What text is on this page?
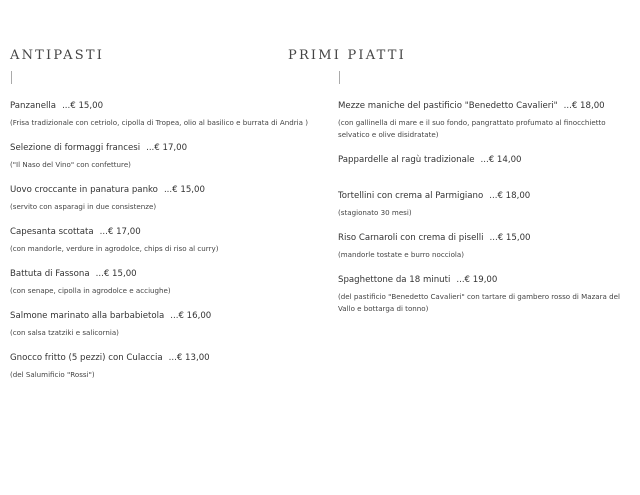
ANTIPASTI
Panzanella ...€ 15,00
(Frisa tradizionale con cetriolo, cipolla di Tropea, olio al basilico e burrata di Andria )
Selezione di formaggi francesi ...€ 17,00
("Il Naso del Vino" con confetture)
Uovo croccante in panatura panko ...€ 15,00
(servito con asparagi in due consistenze)
Capesanta scottata ...€ 17,00
(con mandorle, verdure in agrodolce, chips di riso al curry)
Battuta di Fassona ...€ 15,00
(con senape, cipolla in agrodolce e acciughe)
Salmone marinato alla barbabietola ...€ 16,00
(con salsa tzatziki e salicornia)
Gnocco fritto (5 pezzi) con Culaccia ...€ 13,00
(del Salumificio "Rossi")
PRIMI PIATTI
Mezze maniche del pastificio "Benedetto Cavalieri" ...€ 18,00
(con gallinella di mare e il suo fondo, pangrattato profumato al finocchietto selvatico e olive disidratate)
Pappardelle al ragù tradizionale ...€ 14,00
Tortellini con crema al Parmigiano ...€ 18,00
(stagionato 30 mesi)
Riso Carnaroli con crema di piselli ...€ 15,00
(mandorle tostate e burro nocciola)
Spaghettone da 18 minuti ...€ 19,00
(del pastificio "Benedetto Cavalieri" con tartare di gambero rosso di Mazara del Vallo e bottarga di tonno)
